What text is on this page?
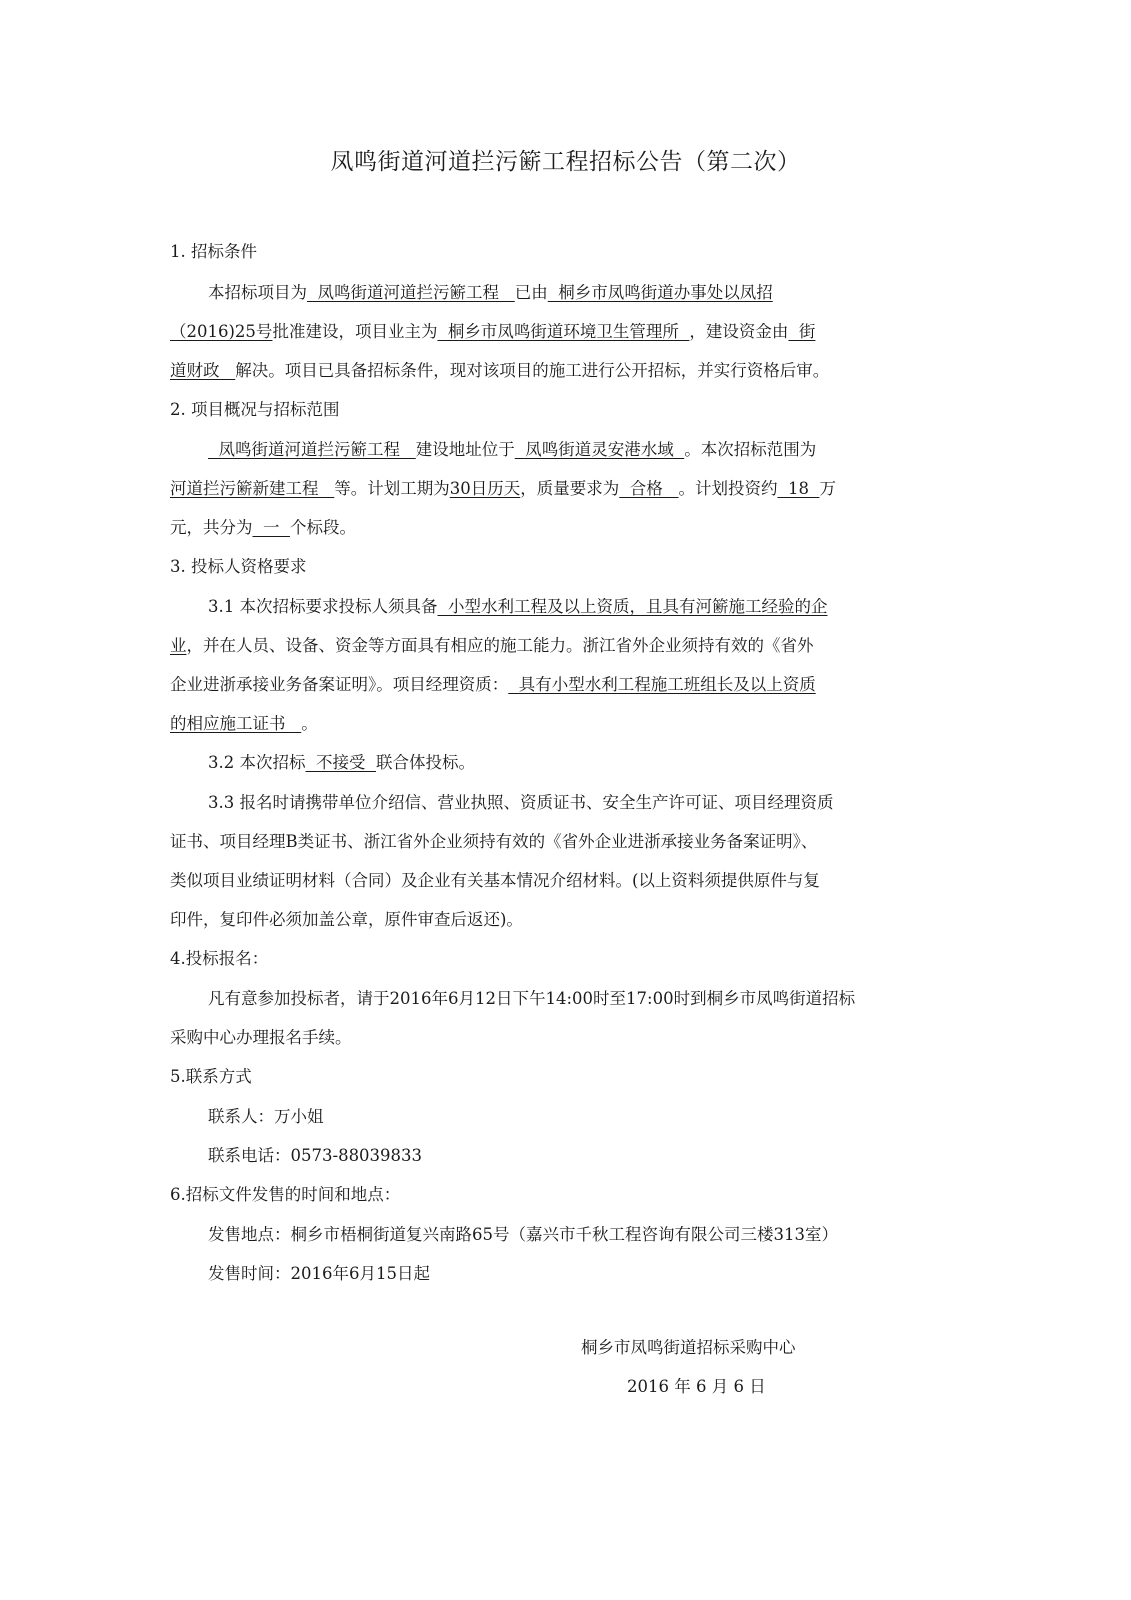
凤鸣街道河道拦污簖工程招标公告（第二次）
1. 招标条件
本招标项目为  凤鸣街道河道拦污簖工程   已由  桐乡市凤鸣街道办事处以凤招
（2016)25号批准建设，项目业主为  桐乡市凤鸣街道环境卫生管理所  ，建设资金由  街
道财政   解决。项目已具备招标条件，现对该项目的施工进行公开招标，并实行资格后审。
2. 项目概况与招标范围
凤鸣街道河道拦污簖工程   建设地址位于  凤鸣街道灵安港水域  。本次招标范围为
河道拦污簖新建工程   等。计划工期为30日历天，质量要求为  合格   。计划投资约  18  万
元，共分为  一  个标段。
3. 投标人资格要求
3.1 本次招标要求投标人须具备  小型水利工程及以上资质，且具有河簖施工经验的企
业，并在人员、设备、资金等方面具有相应的施工能力。浙江省外企业须持有效的《省外
企业进浙承接业务备案证明》。项目经理资质：  具有小型水利工程施工班组长及以上资质
的相应施工证书   。
3.2 本次招标  不接受  联合体投标。
3.3 报名时请携带单位介绍信、营业执照、资质证书、安全生产许可证、项目经理资质
证书、项目经理B类证书、浙江省外企业须持有效的《省外企业进浙承接业务备案证明》、
类似项目业绩证明材料（合同）及企业有关基本情况介绍材料。(以上资料须提供原件与复
印件，复印件必须加盖公章，原件审查后返还)。
4.投标报名：
凡有意参加投标者，请于2016年6月12日下午14:00时至17:00时到桐乡市凤鸣街道招标
采购中心办理报名手续。
5.联系方式
联系人：万小姐
联系电话：0573-88039833
6.招标文件发售的时间和地点：
发售地点：桐乡市梧桐街道复兴南路65号（嘉兴市千秋工程咨询有限公司三楼313室）
发售时间：2016年6月15日起
桐乡市凤鸣街道招标采购中心
2016 年 6 月 6 日
